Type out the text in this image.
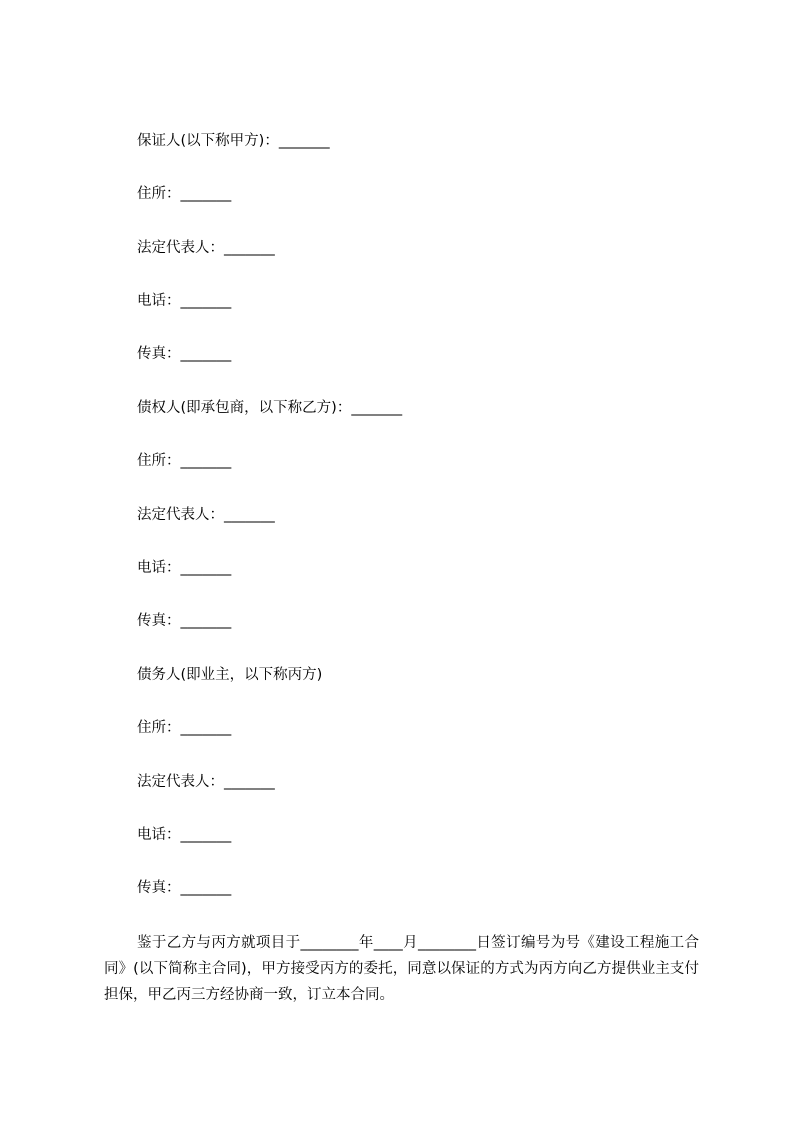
保证人(以下称甲方)：_______
住所：_______
法定代表人：_______
电话：_______
传真：_______
债权人(即承包商，以下称乙方)：_______
住所：_______
法定代表人：_______
电话：_______
传真：_______
债务人(即业主，以下称丙方)
住所：_______
法定代表人：_______
电话：_______
传真：_______

鉴于乙方与丙方就项目于________年____月________日签订编号为号《建设工程施工合同》(以下简称主合同)，甲方接受丙方的委托，同意以保证的方式为丙方向乙方提供业主支付担保，甲乙丙三方经协商一致，订立本合同。
